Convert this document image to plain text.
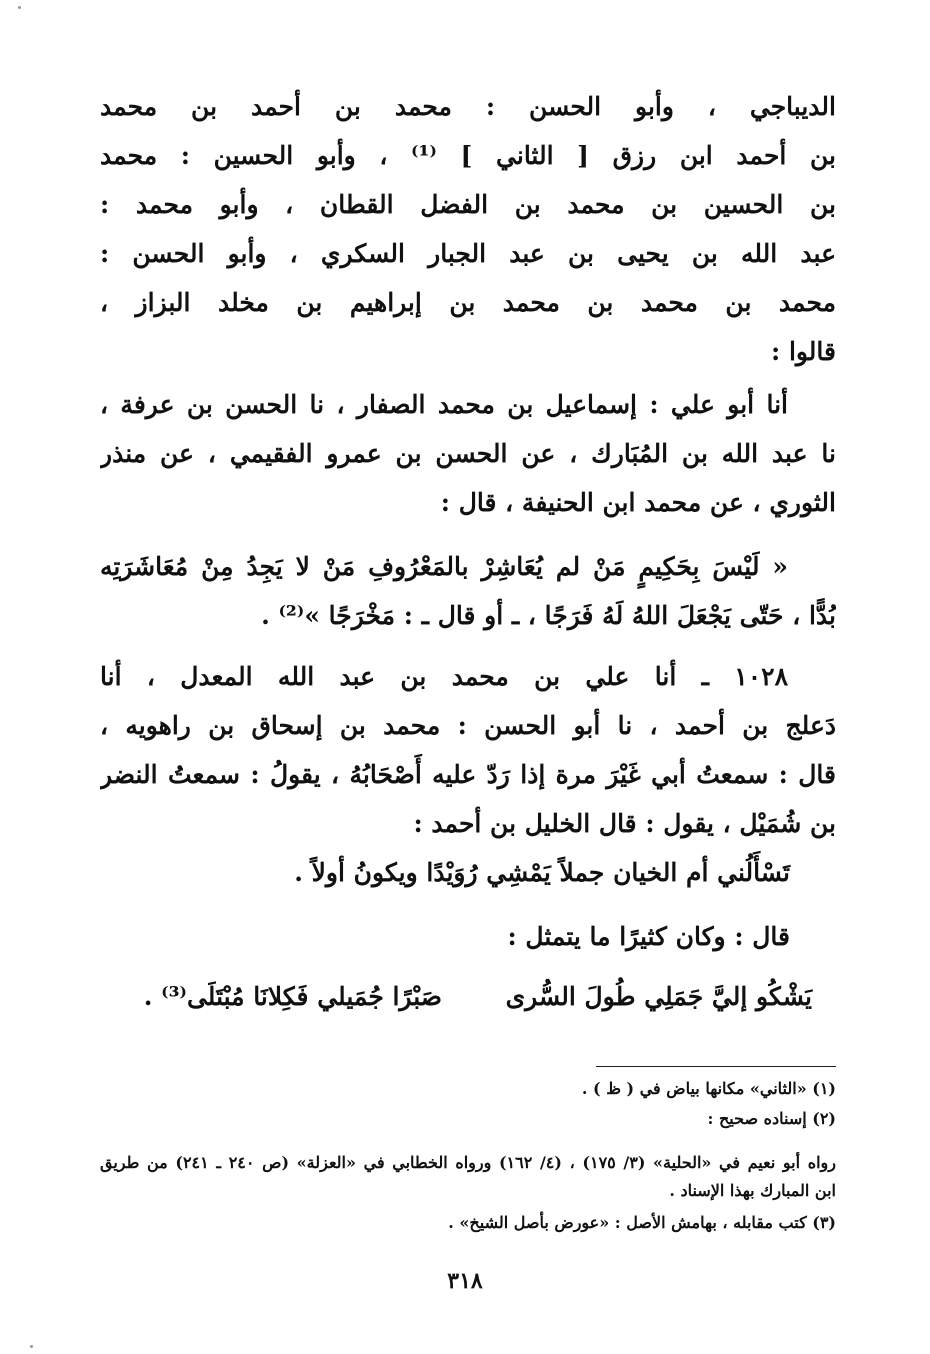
الديباجي ، وأبو الحسن : محمد بن أحمد بن محمد
بن أحمد ابن رزق [ الثاني ] ⁽¹⁾ ، وأبو الحسين : محمد
بن الحسين بن محمد بن الفضل القطان ، وأبو محمد :
عبد الله بن يحيى بن عبد الجبار السكري ، وأبو الحسن :
محمد بن محمد بن محمد بن إبراهيم بن مخلد البزاز ،
قالوا :
أنا أبو علي : إسماعيل بن محمد الصفار ، نا الحسن بن عرفة ،
نا عبد الله بن المُبَارك ، عن الحسن بن عمرو الفقيمي ، عن منذر
الثوري ، عن محمد ابن الحنيفة ، قال :
« لَيْسَ بِحَكِيمٍ مَنْ لم يُعَاشِرْ بالمَعْرُوفِ مَنْ لا يَجِدُ مِنْ مُعَاشَرَتِه
بُدًّا ، حَتّى يَجْعَلَ اللهُ لَهُ فَرَجًا ، ـ أو قال ـ : مَخْرَجًا »⁽²⁾ .
١٠٢٨ ـ أنا علي بن محمد بن عبد الله المعدل ، أنا
دَعلج بن أحمد ، نا أبو الحسن : محمد بن إسحاق بن راهويه ،
قال : سمعتُ أبي غَيْرَ مرة إذا رَدّ عليه أَصْحَابُهُ ، يقولُ : سمعتُ النضر
بن شُمَيْل ، يقول : قال الخليل بن أحمد :
تَسْأَلُني أم الخيان جملاً يَمْشِي رُوَيْدًا ويكونُ أولاً .
قال : وكان كثيرًا ما يتمثل :
يَشْكُو إليَّ جَمَلِي طُولَ السُّرى
صَبْرًا جُمَيلي فَكِلانَا مُبْتَلَى⁽³⁾ .
(١) «الثاني» مكانها بياض في ( ظ ) .
(٢) إسناده صحيح :
رواه أبو نعيم في «الحلية» (٣/ ١٧٥) ، (٤/ ١٦٢) ورواه الخطابي في «العزلة» (ص ٢٤٠ ـ ٢٤١) من طريق
ابن المبارك بهذا الإسناد .
(٣) كتب مقابله ، بهامش الأصل : «عورض بأصل الشيخ» .
٣١٨
